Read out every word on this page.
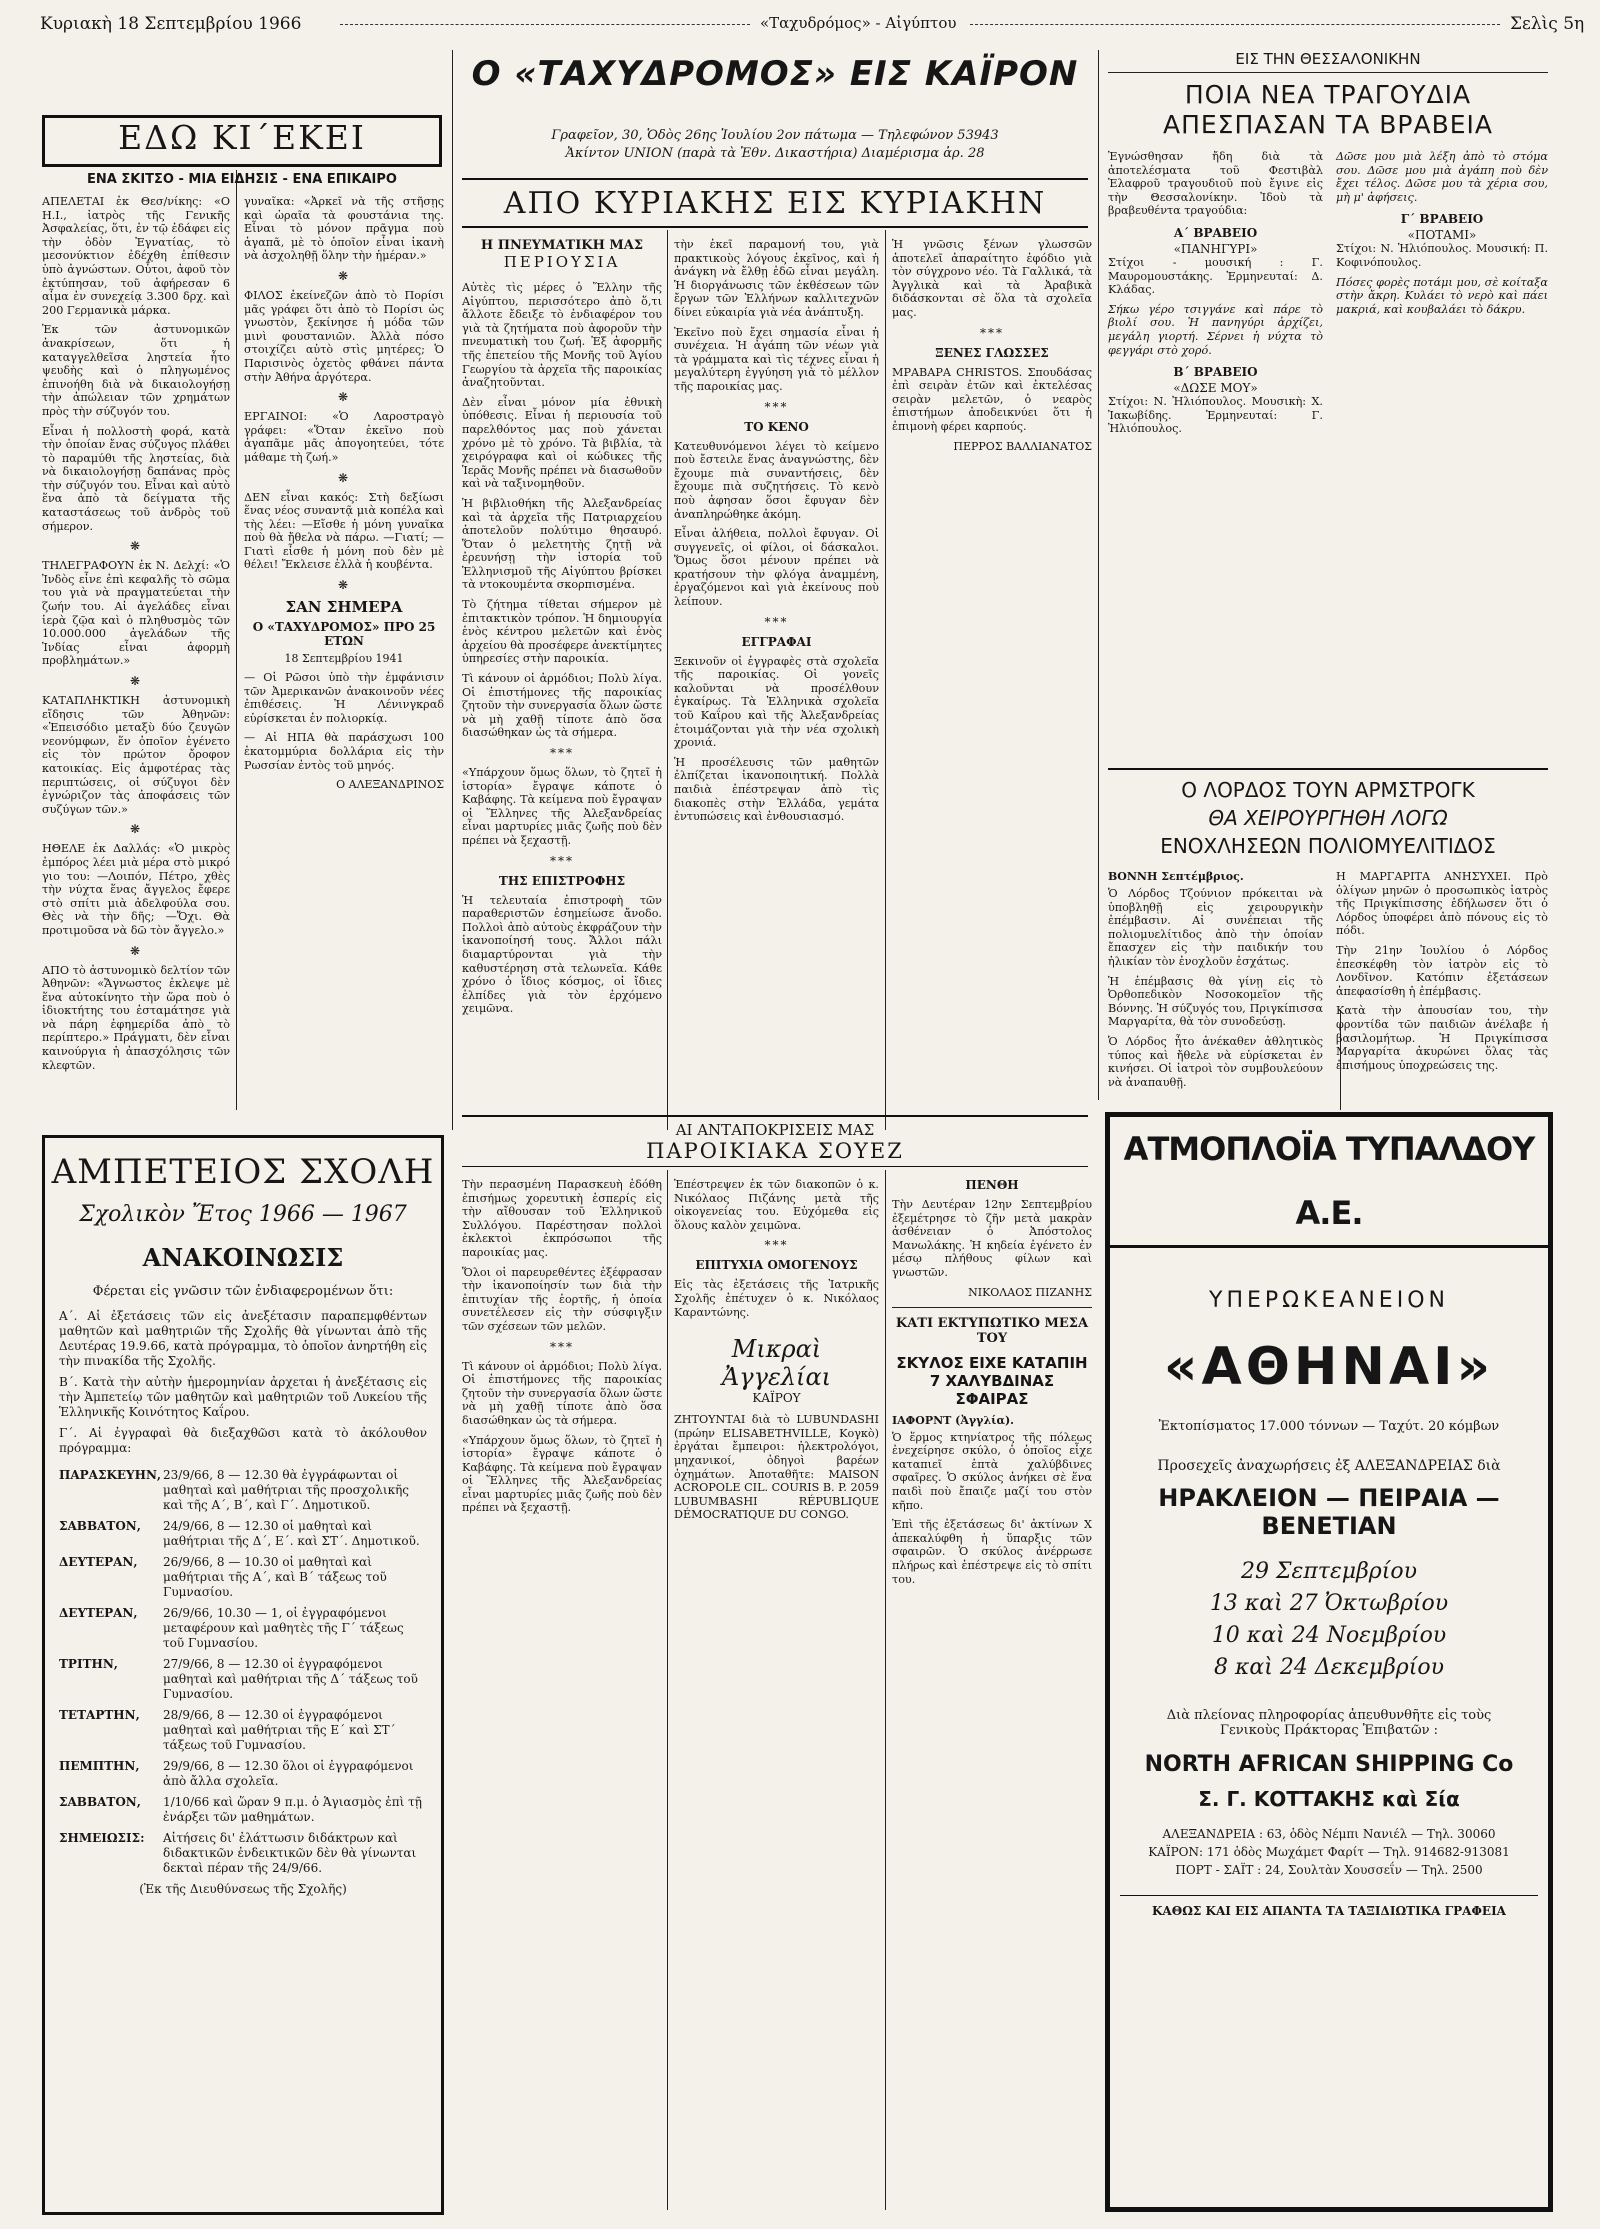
Κυριακὴ 18 Σεπτεμβρίου 1966	«Ταχυδρόμος» - Αἰγύπτου	Σελὶς 5η
ΕΔΩ ΚΙ΄ΕΚΕΙ
ΕΝΑ ΣΚΙΤΣΟ - ΜΙΑ ΕΙΔΗΣΙΣ - ΕΝΑ ΕΠΙΚΑΙΡΟ

ΑΠΕΛΕΤΑΙ ἐκ Θεσ/νίκης: «Ο Η.Ι., ἰατρὸς τῆς Γενικῆς Ἀσφαλείας, ὅτι, ἐν τῷ ἐδάφει εἰς τὴν ὁδὸν Ἐγνατίας, τὸ μεσονύκτιον ἐδέχθη ἐπίθεσιν ὑπὸ ἀγνώστων. Οὗτοι, ἀφοῦ τὸν ἐκτύπησαν, τοῦ ἀφήρεσαν 6 αἷμα ἐν συνεχείᾳ 3.300 δρχ. καὶ 200 Γερμανικὰ μάρκα.

Ἐκ τῶν ἀστυνομικῶν ἀνακρίσεων, ὅτι ἡ καταγγελθεῖσα ληστεία ἦτο ψευδὴς καὶ ὁ πληγωμένος ἐπινοήθη διὰ νὰ δικαιολογήσῃ τὴν ἀπώλειαν τῶν χρημάτων πρὸς τὴν σύζυγόν του.

Εἶναι ἡ πολλοστὴ φορά, κατὰ τὴν ὁποίαν ἔνας σύζυγος πλάθει τὸ παραμύθι τῆς ληστείας, διὰ νὰ δικαιολογήσῃ δαπάνας πρὸς τὴν σύζυγόν του. Εἶναι καὶ αὐτὸ ἕνα ἀπὸ τὰ δείγματα τῆς καταστάσεως τοῦ ἀνδρὸς τοῦ σήμερον.

❋

ΤΗΛΕΓΡΑΦΟΥΝ ἐκ Ν. Δελχί: «Ὁ Ἰνδὸς εἶνε ἐπὶ κεφαλῆς τὸ σῶμα του γιὰ νὰ πραγματεύεται τὴν ζωήν του. Αἱ ἀγελάδες εἶναι ἱερὰ ζῷα καὶ ὁ πληθυσμὸς τῶν 10.000.000 ἀγελάδων τῆς Ἰνδίας εἶναι ἀφορμὴ προβλημάτων.»

❋

ΚΑΤΑΠΛΗΚΤΙΚΗ ἀστυνομικὴ εἴδησις τῶν Ἀθηνῶν: «Ἐπεισόδιο μεταξὺ δύο ζευγῶν νεονύμφων, ἕν ὁποῖον ἐγένετο εἰς τὸν πρώτον ὄροφον κατοικίας. Εἰς ἀμφοτέρας τὰς περιπτώσεις, οἱ σύζυγοι δὲν ἐγνώριζον τὰς ἀποφάσεις τῶν συζύγων τῶν.»

❋

ΗΘΕΛΕ ἐκ Δαλλάς: «Ὁ μικρὸς ἐμπόρος λέει μιὰ μέρα στὸ μικρό γιο του: —Λοιπόν, Πέτρο, χθὲς τὴν νύχτα ἕνας ἄγγελος ἔφερε στὸ σπίτι μιὰ ἀδελφούλα σου. Θὲς νὰ τὴν δῆς; —Ὄχι. Θὰ προτιμοῦσα νὰ δῶ τὸν ἄγγελο.»

❋

ΑΠΟ τὸ ἀστυνομικὸ δελτίον τῶν Ἀθηνῶν: «Ἄγνωστος ἐκλεψε μὲ ἕνα αὐτοκίνητο τὴν ὥρα ποὺ ὁ ἰδιοκτήτης του ἐσταμάτησε γιὰ νὰ πάρη ἐφημερίδα ἀπὸ τὸ περίπτερο.» Πράγματι, δὲν εἶναι καινούργια ἡ ἀπασχόλησις τῶν κλεφτῶν.

γυναῖκα: «Ἀρκεῖ νὰ τῆς στῆσῃς καὶ ὡραῖα τὰ φουστάνια της. Εἶναι τὸ μόνον πρᾶγμα ποὺ ἀγαπᾶ, μὲ τὸ ὁποῖον εἶναι ἱκανὴ νὰ ἀσχοληθῇ ὅλην τὴν ἡμέραν.»

❋

ΦΙΛΟΣ ἐκείνεζῶν ἀπὸ τὸ Πορίσι μᾶς γράφει ὅτι ἀπὸ τὸ Πορίσι ὡς γνωστὸν, ξεκίνησε ἡ μόδα τῶν μινὶ φουστανιῶν. Ἀλλὰ πόσο στοιχίζει αὐτὸ στὶς μητέρες; Ὁ Παρισινὸς ὀχετὸς φθάνει πάντα στὴν Ἀθήνα ἀργότερα.

❋

ΕΡΓΑΙΝΟΙ: «Ὁ Λαροστραγὸ γράφει: «Ὅταν ἐκεῖνο ποὺ ἀγαπᾶμε μᾶς ἀπογοητεύει, τότε μάθαμε τὴ ζωή.»

❋

ΔΕΝ εἶναι κακός: Στὴ δεξίωσι ἕνας νέος συναντᾷ μιὰ κοπέλα καὶ τὴς λέει: —Εἴσθε ἡ μόνη γυναῖκα ποὺ θὰ ἤθελα νὰ πάρω. —Γιατί; —Γιατὶ εἶσθε ἡ μόνη ποὺ δὲν μὲ θέλει! Ἔκλεισε ἑλλὰ ἡ κουβέντα.

❋
ΣΑΝ ΣΗΜΕΡΑ
Ο «ΤΑΧΥΔΡΟΜΟΣ» ΠΡΟ 25 ΕΤΩΝ
18 Σεπτεμβρίου 1941

— Οἱ Ρῶσοι ὑπὸ τὴν ἐμφάνισιν τῶν Ἀμερικανῶν ἀνακοινοῦν νέες ἐπιθέσεις. Ἡ Λένινγκραδ εὑρίσκεται ἐν πολιορκίᾳ.

— Αἱ ΗΠΑ θὰ παράσχωσι 100 ἑκατομμύρια δολλάρια εἰς τὴν Ρωσσίαν ἐντὸς τοῦ μηνός.

Ο ΑΛΕΞΑΝΔΡΙΝΟΣ
ΑΜΠΕΤΕΙΟΣ ΣΧΟΛΗ
Σχολικὸν Ἔτος 1966 — 1967
ΑΝΑΚΟΙΝΩΣΙΣ
Φέρεται εἰς γνῶσιν τῶν ἐνδιαφερομένων ὅτι:

Α΄. Αἱ ἐξετάσεις τῶν εἰς ἀνεξέτασιν παραπεμφθέντων μαθητῶν καὶ μαθητριῶν τῆς Σχολῆς θὰ γίνωνται ἀπὸ τῆς Δευτέρας 19.9.66, κατὰ πρόγραμμα, τὸ ὁποῖον ἀνηρτήθη εἰς τὴν πινακίδα τῆς Σχολῆς.

Β΄. Κατὰ τὴν αὐτὴν ἡμερομηνίαν ἀρχεται ἡ ἀνεξέτασις εἰς τὴν Ἀμπετείῳ τῶν μαθητῶν καὶ μαθητριῶν τοῦ Λυκείου τῆς Ἑλληνικῆς Κοινότητος Καΐρου.

Γ΄. Αἱ ἐγγραφαὶ θὰ διεξαχθῶσι κατὰ τὸ ἀκόλουθον πρόγραμμα:

ΠΑΡΑΣΚΕΥΗΝ, 23/9/66, 8 — 12.30 θὰ ἐγγράφωνται οἱ μαθηταὶ καὶ μαθήτριαι τῆς προσχολικῆς καὶ τῆς Α΄, Β΄, καὶ Γ΄. Δημοτικοῦ.
ΣΑΒΒΑΤΟΝ,	24/9/66, 8 — 12.30 οἱ μαθηταὶ καὶ μαθήτριαι τῆς Δ΄, Ε΄. καὶ ΣΤ΄. Δημοτικοῦ.
ΔΕΥΤΕΡΑΝ,	26/9/66, 8 — 10.30 οἱ μαθηταὶ καὶ μαθήτριαι τῆς Α΄, καὶ Β΄ τάξεως τοῦ Γυμνασίου.
ΔΕΥΤΕΡΑΝ,	26/9/66, 10.30 — 1, οἱ ἐγγραφόμενοι μεταφέρουν καὶ μαθητὲς τῆς Γ΄ τάξεως τοῦ Γυμνασίου.
ΤΡΙΤΗΝ,	27/9/66, 8 — 12.30 οἱ ἐγγραφόμενοι μαθηταὶ καὶ μαθήτριαι τῆς Δ΄ τάξεως τοῦ Γυμνασίου.
ΤΕΤΑΡΤΗΝ,	28/9/66, 8 — 12.30 οἱ ἐγγραφόμενοι μαθηταὶ καὶ μαθήτριαι τῆς Ε΄ καὶ ΣΤ΄ τάξεως τοῦ Γυμνασίου.
ΠΕΜΠΤΗΝ,	29/9/66, 8 — 12.30 ὅλοι οἱ ἐγγραφόμενοι ἀπὸ ἄλλα σχολεῖα.
ΣΑΒΒΑΤΟΝ,	1/10/66 καὶ ὥραν 9 π.μ. ὁ Ἁγιασμὸς ἐπὶ τῇ ἐνάρξει τῶν μαθημάτων.
ΣΗΜΕΙΩΣΙΣ:	Αἰτήσεις δι' ἐλάττωσιν διδάκτρων καὶ διδακτικῶν ἐνδεικτικῶν δὲν θὰ γίνωνται δεκταὶ πέραν τῆς 24/9/66.
(Ἐκ τῆς Διευθύνσεως τῆς Σχολῆς)
Ο «ΤΑΧΥΔΡΟΜΟΣ» ΕΙΣ ΚΑΪΡΟΝ
Γραφεῖον, 30, Ὁδὸς 26ης Ἰουλίου 2ον πάτωμα — Τηλεφώνον 53943
Ἀκίντον UNION (παρὰ τὰ Ἐθν. Δικαστήρια) Διαμέρισμα ἀρ. 28
ΑΠΟ ΚΥΡΙΑΚΗΣ ΕΙΣ ΚΥΡΙΑΚΗΝ
Η ΠΝΕΥΜΑΤΙΚΗ ΜΑΣ
ΠΕΡΙΟΥΣΙΑ

Αὐτὲς τὶς μέρες ὁ Ἕλλην τῆς Αἰγύπτου, περισσότερο ἀπὸ ὅ,τι ἄλλοτε ἔδειξε τὸ ἐνδιαφέρον του γιὰ τὰ ζητήματα ποὺ ἀφοροῦν τὴν πνευματικὴ του ζωή. Ἐξ ἀφορμῆς τῆς ἐπετείου τῆς Μονῆς τοῦ Ἁγίου Γεωργίου τὰ ἀρχεῖα τῆς παροικίας ἀναζητοῦνται.

Δὲν εἶναι μόνον μία ἐθνικὴ ὑπόθεσις. Εἶναι ἡ περιουσία τοῦ παρελθόντος μας ποὺ χάνεται χρόνο μὲ τὸ χρόνο. Τὰ βιβλία, τὰ χειρόγραφα καὶ οἱ κώδικες τῆς Ἱερᾶς Μονῆς πρέπει νὰ διασωθοῦν καὶ νὰ ταξινομηθοῦν.

Ἡ βιβλιοθήκη τῆς Ἀλεξανδρείας καὶ τὰ ἀρχεῖα τῆς Πατριαρχείου ἀποτελοῦν πολύτιμο θησαυρό. Ὅταν ὁ μελετητὴς ζητῇ νὰ ἐρευνήσῃ τὴν ἱστορία τοῦ Ἑλληνισμοῦ τῆς Αἰγύπτου βρίσκει τὰ ντοκουμέντα σκορπισμένα.

Τὸ ζήτημα τίθεται σήμερον μὲ ἐπιτακτικὸν τρόπον. Ἡ δημιουργία ἑνὸς κέντρου μελετῶν καὶ ἑνὸς ἀρχείου θὰ προσέφερε ἀνεκτίμητες ὑπηρεσίες στὴν παροικία.

Τὶ κάνουν οἱ ἁρμόδιοι; Πολὺ λίγα. Οἱ ἐπιστήμονες τῆς παροικίας ζητοῦν τὴν συνεργασία ὅλων ὥστε νὰ μὴ χαθῇ τίποτε ἀπὸ ὅσα διασώθηκαν ὡς τὰ σήμερα.

***

«Υπάρχουν ὅμως ὅλων, τὸ ζητεῖ ἡ ἱστορία» ἔγραψε κάποτε ὁ Καβάφης. Τὰ κείμενα ποὺ ἔγραψαν οἱ Ἕλληνες τῆς Ἀλεξανδρείας εἶναι μαρτυρίες μιᾶς ζωῆς ποὺ δὲν πρέπει νὰ ξεχαστῇ.

***
ΤΗΣ ΕΠΙΣΤΡΟΦΗΣ

Ἡ τελευταία ἐπιστροφὴ τῶν παραθεριστῶν ἐσημείωσε ἄνοδο. Πολλοὶ ἀπὸ αὐτοὺς ἐκφράζουν τὴν ἱκανοποίησή τους. Ἄλλοι πάλι διαμαρτύρονται γιὰ τὴν καθυστέρηση στὰ τελωνεῖα. Κάθε χρόνο ὁ ἴδιος κόσμος, οἱ ἴδιες ἐλπίδες γιὰ τὸν ἐρχόμενο χειμῶνα.

τὴν ἐκεῖ παραμονή του, γιὰ πρακτικοὺς λόγους ἐκεῖνος, καὶ ἡ ἀνάγκη νὰ ἔλθῃ ἐδῶ εἶναι μεγάλη. Ἡ διοργάνωσις τῶν ἐκθέσεων τῶν ἔργων τῶν Ἑλλήνων καλλιτεχνῶν δίνει εὐκαιρία γιὰ νέα ἀνάπτυξη.

Ἐκεῖνο ποὺ ἔχει σημασία εἶναι ἡ συνέχεια. Ἡ ἀγάπη τῶν νέων γιὰ τὰ γράμματα καὶ τὶς τέχνες εἶναι ἡ μεγαλύτερη ἐγγύηση γιὰ τὸ μέλλον τῆς παροικίας μας.

***
ΤΟ ΚΕΝΟ

Κατευθυνόμενοι λέγει τὸ κείμενο ποὺ ἔστειλε ἕνας ἀναγνώστης, δὲν ἔχουμε πιὰ συναντήσεις, δὲν ἔχουμε πιὰ συζητήσεις. Τὸ κενὸ ποὺ ἀφησαν ὅσοι ἔφυγαν δὲν ἀναπληρώθηκε ἀκόμη.

Εἶναι ἀλήθεια, πολλοὶ ἔφυγαν. Οἱ συγγενεῖς, οἱ φίλοι, οἱ δάσκαλοι. Ὅμως ὅσοι μένουν πρέπει νὰ κρατήσουν τὴν φλόγα ἀναμμένη, ἐργαζόμενοι καὶ γιὰ ἐκείνους ποὺ λείπουν.

***
ΕΓΓΡΑΦΑΙ

Ξεκινοῦν οἱ ἐγγραφὲς στὰ σχολεῖα τῆς παροικίας. Οἱ γονεῖς καλοῦνται νὰ προσέλθουν ἐγκαίρως. Τὰ Ἑλληνικὰ σχολεῖα τοῦ Καΐρου καὶ τῆς Ἀλεξανδρείας ἑτοιμάζονται γιὰ τὴν νέα σχολικὴ χρονιά.

Ἡ προσέλευσις τῶν μαθητῶν ἐλπίζεται ἱκανοποιητική. Πολλὰ παιδιὰ ἐπέστρεψαν ἀπὸ τὶς διακοπὲς στὴν Ἑλλάδα, γεμάτα ἐντυπώσεις καὶ ἐνθουσιασμό.

Ἡ γνῶσις ξένων γλωσσῶν ἀποτελεῖ ἀπαραίτητο ἐφόδιο γιὰ τὸν σύγχρονο νέο. Τὰ Γαλλικά, τὰ Ἀγγλικὰ καὶ τὰ Ἀραβικὰ διδάσκονται σὲ ὅλα τὰ σχολεῖα μας.

***
ΞΕΝΕΣ ΓΛΩΣΣΕΣ

ΜΡΑΒΑΡΑ CHRISTOS. Σπουδάσας ἐπὶ σειρὰν ἐτῶν καὶ ἐκτελέσας σειρὰν μελετῶν, ὁ νεαρὸς ἐπιστήμων ἀποδεικνύει ὅτι ἡ ἐπιμονὴ φέρει καρπούς.

ΠΕΡΡΟΣ ΒΑΛΛΙΑΝΑΤΟΣ
ΑΙ ΑΝΤΑΠΟΚΡΙΣΕΙΣ ΜΑΣ
ΠΑΡΟΙΚΙΑΚΑ ΣΟΥΕΖ

Τὴν περασμένη Παρασκευὴ ἐδόθη ἐπισήμως χορευτικὴ ἑσπερίς εἰς τὴν αἴθουσαν τοῦ Ἑλληνικοῦ Συλλόγου. Παρέστησαν πολλοὶ ἐκλεκτοὶ ἐκπρόσωποι τῆς παροικίας μας.

Ὅλοι οἱ παρευρεθέντες ἐξέφρασαν τὴν ἱκανοποίησίν των διὰ τὴν ἐπιτυχίαν τῆς ἑορτῆς, ἡ ὁποία συνετέλεσεν εἰς τὴν σύσφιγξιν τῶν σχέσεων τῶν μελῶν.

***

Τὶ κάνουν οἱ ἁρμόδιοι; Πολὺ λίγα. Οἱ ἐπιστήμονες τῆς παροικίας ζητοῦν τὴν συνεργασία ὅλων ὥστε νὰ μὴ χαθῇ τίποτε ἀπὸ ὅσα διασώθηκαν ὡς τὰ σήμερα.

«Υπάρχουν ὅμως ὅλων, τὸ ζητεῖ ἡ ἱστορία» ἔγραψε κάποτε ὁ Καβάφης. Τὰ κείμενα ποὺ ἔγραψαν οἱ Ἕλληνες τῆς Ἀλεξανδρείας εἶναι μαρτυρίες μιᾶς ζωῆς ποὺ δὲν πρέπει νὰ ξεχαστῇ.

Ἐπέστρεψεν ἐκ τῶν διακοπῶν ὁ κ. Νικόλαος Πιζάνης μετὰ τῆς οἰκογενείας του. Εὐχόμεθα εἰς ὅλους καλὸν χειμῶνα.

***
ΕΠΙΤΥΧΙΑ ΟΜΟΓΕΝΟΥΣ

Εἰς τὰς ἐξετάσεις τῆς Ἰατρικῆς Σχολῆς ἐπέτυχεν ὁ κ. Νικόλαος Καραντώνης.

Μικραὶ Ἀγγελίαι
ΚΑΪΡΟΥ

ΖΗΤΟΥΝΤΑΙ διὰ τὸ LUBUNDASHI (πρώην ELISABETHVILLE, Κογκὸ) ἐργάται ἔμπειροι: ἠλεκτρολόγοι, μηχανικοί, ὀδηγοὶ βαρέων ὀχημάτων. Ἀποταθῆτε: MAISON ACROPOLE CIL. COURIS B. P. 2059 LUBUMBASHI RÉPUBLIQUE DÉMOCRATIQUE DU CONGO.

ΠΕΝΘΗ

Τὴν Δευτέραν 12ην Σεπτεμβρίου ἐξεμέτρησε τὸ ζῆν μετὰ μακρὰν ἀσθένειαν ὁ Ἀπόστολος Μανωλάκης. Ἡ κηδεία ἐγένετο ἐν μέσῳ πλήθους φίλων καὶ γνωστῶν.

ΝΙΚΟΛΑΟΣ ΠΙΖΑΝΗΣ
ΚΑΤΙ ΕΚΤΥΠΩΤΙΚΟ ΜΕΣΑ ΤΟΥ
ΣΚΥΛΟΣ ΕΙΧΕ ΚΑΤΑΠΙΗ
7 ΧΑΛΥΒΔΙΝΑΣ ΣΦΑΙΡΑΣ
ΙΑΦΟΡΝΤ (Ἀγγλία).

Ὁ ἕρμος κτηνίατρος τῆς πόλεως ἐνεχείρησε σκύλο, ὁ ὁποῖος εἶχε καταπιεῖ ἑπτὰ χαλύβδινες σφαῖρες. Ὁ σκύλος ἀνήκει σὲ ἕνα παιδὶ ποὺ ἔπαιζε μαζί του στὸν κῆπο.

Ἐπὶ τῆς ἐξετάσεως δι' ἀκτίνων Χ ἀπεκαλύφθη ἡ ὕπαρξις τῶν σφαιρῶν. Ὁ σκύλος ἀνέρρωσε πλήρως καὶ ἐπέστρεψε εἰς τὸ σπίτι του.

ΕΙΣ ΤΗΝ ΘΕΣΣΑΛΟΝΙΚΗΝ
ΠΟΙΑ ΝΕΑ ΤΡΑΓΟΥΔΙΑ
ΑΠΕΣΠΑΣΑΝ ΤΑ ΒΡΑΒΕΙΑ

Ἐγνώσθησαν ἤδη διὰ τὰ ἀποτελέσματα τοῦ Φεστιβὰλ Ἐλαφροῦ τραγουδιοῦ ποὺ ἔγινε εἰς τὴν Θεσσαλονίκην. Ἰδοὺ τὰ βραβευθέντα τραγούδια:

Α΄ ΒΡΑΒΕΙΟ
«ΠΑΝΗΓΥΡΙ»

Στίχοι - μουσική : Γ. Μαυρομουστάκης. Ἑρμηνευταί: Δ. Κλάδας.

Σήκω γέρο τσιγγάνε καὶ πάρε τὸ βιολί σου. Ἡ πανηγύρι ἀρχίζει, μεγάλη γιορτή. Σέρνει ἡ νύχτα τὸ φεγγάρι στὸ χορό.

Β΄ ΒΡΑΒΕΙΟ
«ΔΩΣΕ ΜΟΥ»

Στίχοι: Ν. Ἠλιόπουλος. Μουσικὴ: Χ. Ἰακωβίδης. Ἑρμηνευταί: Γ. Ἠλιόπουλος.

Δῶσε μου μιὰ λέξη ἀπὸ τὸ στόμα σου. Δῶσε μου μιὰ ἀγάπη ποὺ δὲν ἔχει τέλος. Δῶσε μου τὰ χέρια σου, μὴ μ' ἀφήσεις.

Γ΄ ΒΡΑΒΕΙΟ
«ΠΟΤΑΜΙ»

Στίχοι: Ν. Ἠλιόπουλος. Μουσική: Π. Κοφινόπουλος.

Πόσες φορὲς ποτάμι μου, σὲ κοίταξα στὴν ἄκρη. Κυλάει τὸ νερὸ καὶ πάει μακριά, καὶ κουβαλάει τὸ δάκρυ.

Ο ΛΟΡΔΟΣ ΤΟΥΝ ΑΡΜΣΤΡΟΓΚ
ΘΑ ΧΕΙΡΟΥΡΓΗΘΗ ΛΟΓΩ
ΕΝΟΧΛΗΣΕΩΝ ΠΟΛΙΟΜΥΕΛΙΤΙΔΟΣ
ΒΟΝΝΗ Σεπτέμβριος.

Ὁ Λόρδος Τζούνιον πρόκειται νὰ ὑποβληθῇ εἰς χειρουργικὴν ἐπέμβασιν. Αἱ συνέπειαι τῆς πολιομυελίτιδος ἀπὸ τὴν ὁποίαν ἔπασχεν εἰς τὴν παιδικήν του ἡλικίαν τὸν ἐνοχλοῦν ἐσχάτως.

Ἡ ἐπέμβασις θὰ γίνῃ εἰς τὸ Ὀρθοπεδικὸν Νοσοκομεῖον τῆς Βόννης. Ἡ σύζυγός του, Πριγκίπισσα Μαργαρίτα, θὰ τὸν συνοδεύσῃ.

Ὁ Λόρδος ἦτο ἀνέκαθεν ἀθλητικὸς τύπος καὶ ἤθελε νὰ εὑρίσκεται ἐν κινήσει. Οἱ ἰατροὶ τὸν συμβουλεύουν νὰ ἀναπαυθῇ.

Η ΜΑΡΓΑΡΙΤΑ ΑΝΗΣΥΧΕΙ. Πρὸ ὀλίγων μηνῶν ὁ προσωπικὸς ἰατρὸς τῆς Πριγκίπισσης ἐδήλωσεν ὅτι ὁ Λόρδος ὑποφέρει ἀπὸ πόνους εἰς τὸ πόδι.

Τὴν 21ην Ἰουλίου ὁ Λόρδος ἐπεσκέφθη τὸν ἰατρὸν εἰς τὸ Λονδῖνον. Κατόπιν ἐξετάσεων ἀπεφασίσθη ἡ ἐπέμβασις.

Κατὰ τὴν ἀπουσίαν του, τὴν φροντίδα τῶν παιδιῶν ἀνέλαβε ἡ βασιλομήτωρ. Ἡ Πριγκίπισσα Μαργαρίτα ἀκυρώνει ὅλας τὰς ἐπισήμους ὑποχρεώσεις της.

ΑΤΜΟΠΛΟΪΑ ΤΥΠΑΛΔΟΥ Α.Ε.
ΥΠΕΡΩΚΕΑΝΕΙΟΝ
«ΑΘΗΝΑΙ»
Ἐκτοπίσματος 17.000 τόννων — Ταχύτ. 20 κόμβων
Προσεχεῖς ἀναχωρήσεις ἐξ ΑΛΕΞΑΝΔΡΕΙΑΣ διὰ
ΗΡΑΚΛΕΙΟΝ — ΠΕΙΡΑΙΑ — ΒΕΝΕΤΙΑΝ
29 Σεπτεμβρίου
13 καὶ 27 Ὀκτωβρίου
10 καὶ 24 Νοεμβρίου
8 καὶ 24 Δεκεμβρίου
Διὰ πλείονας πληροφορίας ἀπευθυνθῆτε εἰς τοὺς Γενικοὺς Πράκτορας Ἐπιβατῶν :
NORTH AFRICAN SHIPPING Co
Σ. Γ. ΚΟΤΤΑΚΗΣ καὶ Σία
ΑΛΕΞΑΝΔΡΕΙΑ : 63, ὁδὸς Νέμπι Νανιέλ — Τηλ. 30060
ΚΑΪΡΟΝ: 171 ὁδὸς Μωχάμετ Φαρίτ — Τηλ. 914682-913081
ΠΟΡΤ - ΣΑΪΤ : 24, Σουλτὰν Χουσσεΐν — Τηλ. 2500
ΚΑΘΩΣ ΚΑΙ ΕΙΣ ΑΠΑΝΤΑ ΤΑ ΤΑΞΙΔΙΩΤΙΚΑ ΓΡΑΦΕΙΑ
